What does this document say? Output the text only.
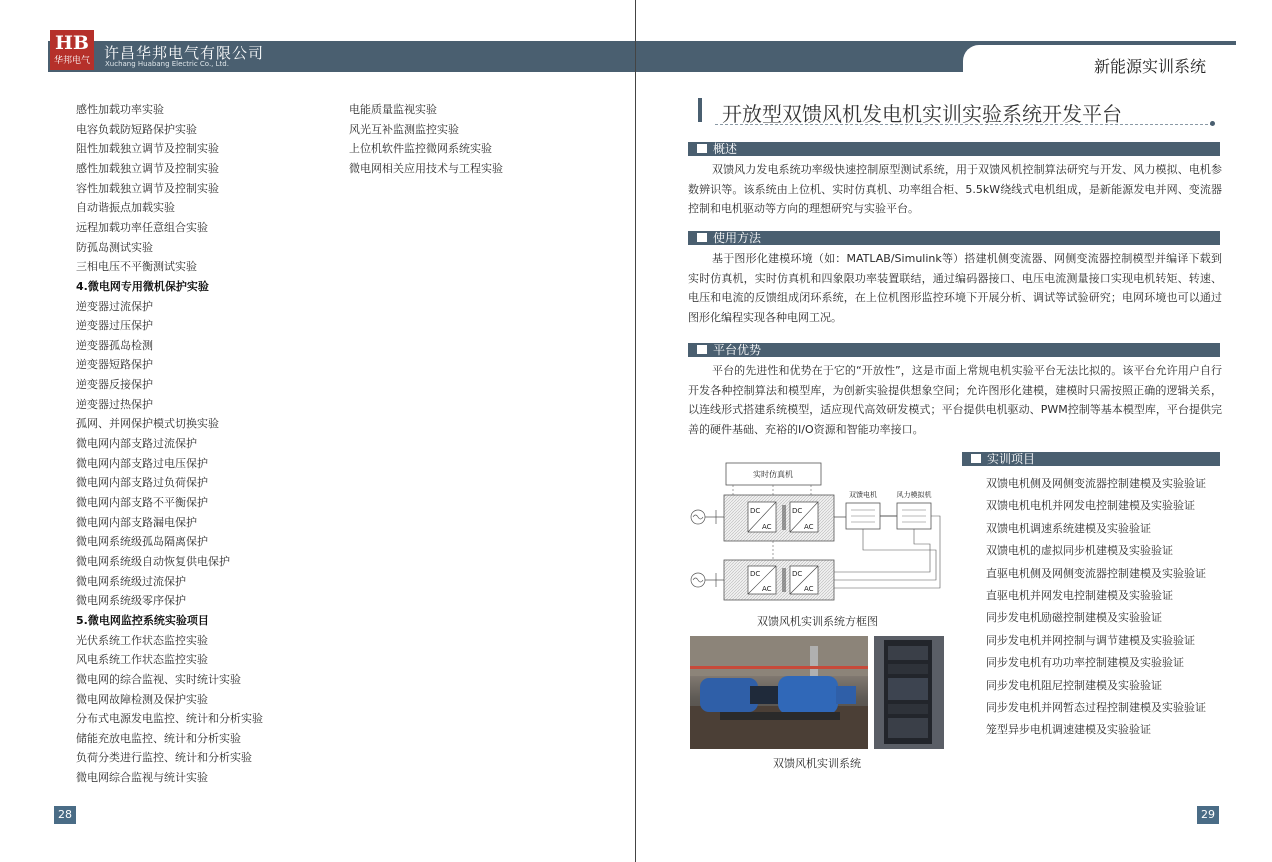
HB
华邦电气 许昌华邦电气有限公司
Xuchang Huabang Electric Co., Ltd.	新能源实训系统
感性加载功率实验
电容负载防短路保护实验
阻性加载独立调节及控制实验
感性加载独立调节及控制实验
容性加载独立调节及控制实验
自动谐振点加载实验
远程加载功率任意组合实验
防孤岛测试实验
三相电压不平衡测试实验
4.微电网专用微机保护实验
逆变器过流保护
逆变器过压保护
逆变器孤岛检测
逆变器短路保护
逆变器反接保护
逆变器过热保护
孤网、并网保护模式切换实验
微电网内部支路过流保护
微电网内部支路过电压保护
微电网内部支路过负荷保护
微电网内部支路不平衡保护
微电网内部支路漏电保护
微电网系统级孤岛隔离保护
微电网系统级自动恢复供电保护
微电网系统级过流保护
微电网系统级零序保护
5.微电网监控系统实验项目
光伏系统工作状态监控实验
风电系统工作状态监控实验
微电网的综合监视、实时统计实验
微电网故障检测及保护实验
分布式电源发电监控、统计和分析实验
储能充放电监控、统计和分析实验
负荷分类进行监控、统计和分析实验
微电网综合监视与统计实验
电能质量监视实验
风光互补监测监控实验
上位机软件监控微网系统实验
微电网相关应用技术与工程实验
28
开放型双馈风机发电机实训实验系统开发平台
概述
双馈风力发电系统功率级快速控制原型测试系统，用于双馈风机控制算法研究与开发、风力模拟、电机参数辨识等。该系统由上位机、实时仿真机、功率组合柜、5.5kW绕线式电机组成，是新能源发电并网、变流器控制和电机驱动等方向的理想研究与实验平台。
使用方法
基于图形化建模环境（如：MATLAB/Simulink等）搭建机侧变流器、网侧变流器控制模型并编译下载到实时仿真机，实时仿真机和四象限功率装置联结，通过编码器接口、电压电流测量接口实现电机转矩、转速、电压和电流的反馈组成闭环系统，在上位机图形监控环境下开展分析、调试等试验研究；电网环境也可以通过图形化编程实现各种电网工况。
平台优势
平台的先进性和优势在于它的“开放性”，这是市面上常规电机实验平台无法比拟的。该平台允许用户自行开发各种控制算法和模型库，为创新实验提供想象空间；允许图形化建模，建模时只需按照正确的逻辑关系，以连线形式搭建系统模型，适应现代高效研发模式；平台提供电机驱动、PWM控制等基本模型库，平台提供完善的硬件基础、充裕的I/O资源和智能功率接口。
实时仿真机
DC
AC
DC
AC
双馈电机	风力模拟机
DC
AC
DC
AC
双馈风机实训系统方框图
双馈风机实训系统
实训项目
双馈电机侧及网侧变流器控制建模及实验验证
双馈电机电机并网发电控制建模及实验验证
双馈电机调速系统建模及实验验证
双馈电机的虚拟同步机建模及实验验证
直驱电机侧及网侧变流器控制建模及实验验证
直驱电机并网发电控制建模及实验验证
同步发电机励磁控制建模及实验验证
同步发电机并网控制与调节建模及实验验证
同步发电机有功功率控制建模及实验验证
同步发电机阻尼控制建模及实验验证
同步发电机并网暂态过程控制建模及实验验证
笼型异步电机调速建模及实验验证
29
